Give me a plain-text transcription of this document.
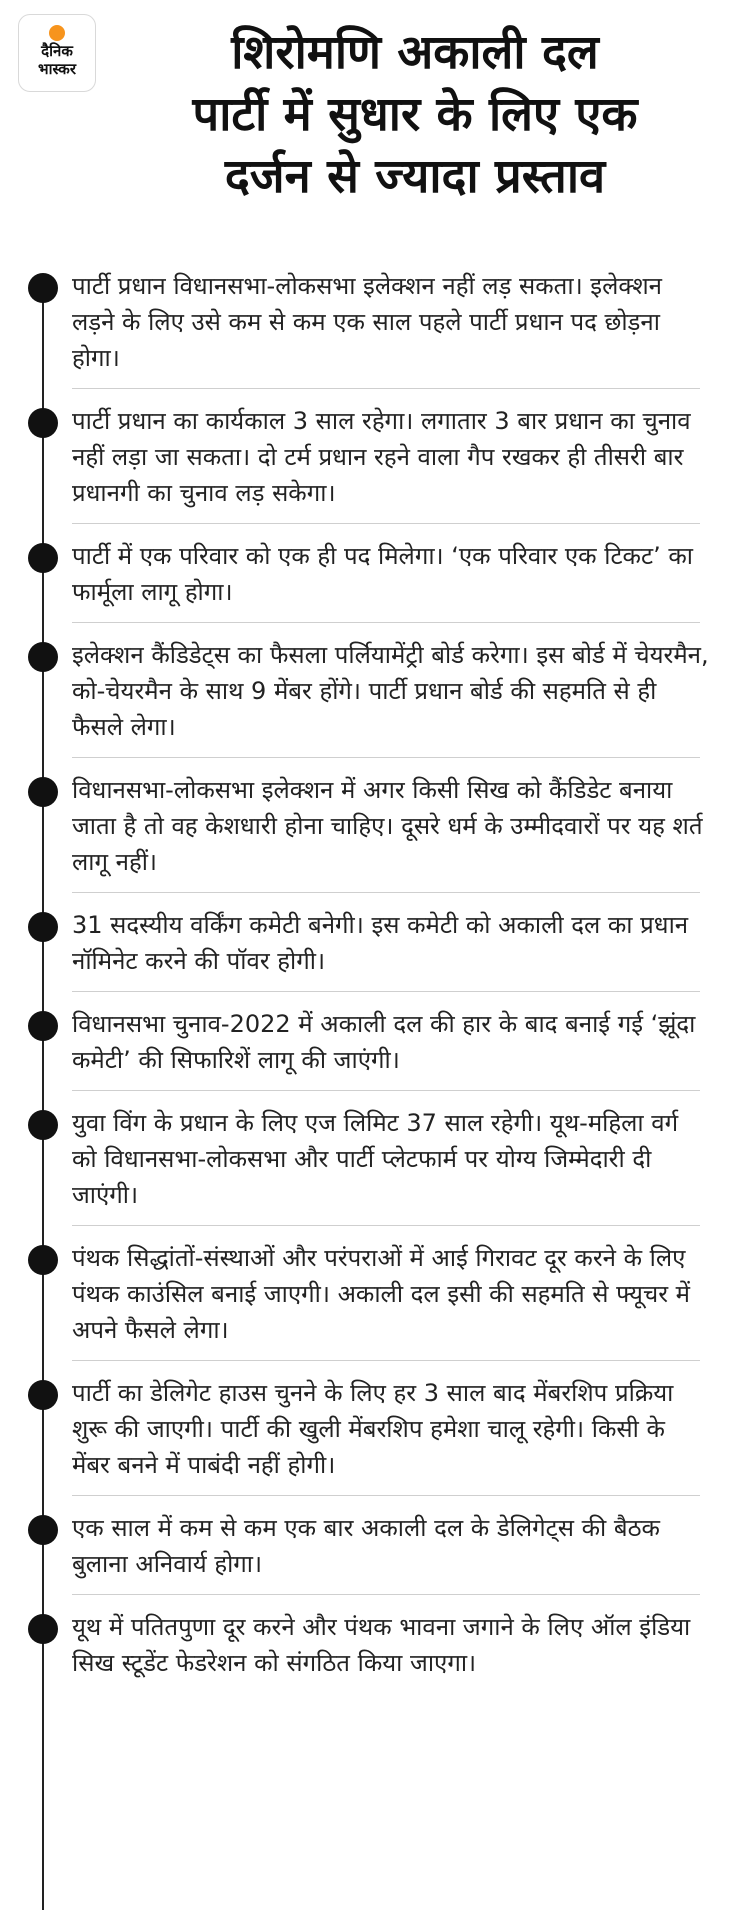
दैनिक
भास्कर	शिरोमणि अकाली दल
पार्टी में सुधार के लिए एक
दर्जन से ज्यादा प्रस्ताव
पार्टी प्रधान विधानसभा-लोकसभा इलेक्शन नहीं लड़ सकता। इलेक्शन लड़ने के लिए उसे कम से कम एक साल पहले पार्टी प्रधान पद छोड़ना होगा।
पार्टी प्रधान का कार्यकाल 3 साल रहेगा। लगातार 3 बार प्रधान का चुनाव नहीं लड़ा जा सकता। दो टर्म प्रधान रहने वाला गैप रखकर ही तीसरी बार प्रधानगी का चुनाव लड़ सकेगा।
पार्टी में एक परिवार को एक ही पद मिलेगा। ‘एक परिवार एक टिकट’ का फार्मूला लागू होगा।
इलेक्शन कैंडिडेट्स का फैसला पर्लियामेंट्री बोर्ड करेगा। इस बोर्ड में चेयरमैन, को-चेयरमैन के साथ 9 मेंबर होंगे। पार्टी प्रधान बोर्ड की सहमति से ही फैसले लेगा।
विधानसभा-लोकसभा इलेक्शन में अगर किसी सिख को कैंडिडेट बनाया जाता है तो वह केशधारी होना चाहिए। दूसरे धर्म के उम्मीदवारों पर यह शर्त लागू नहीं।
31 सदस्यीय वर्किंग कमेटी बनेगी। इस कमेटी को अकाली दल का प्रधान नॉमिनेट करने की पॉवर होगी।
विधानसभा चुनाव-2022 में अकाली दल की हार के बाद बनाई गई ‘झूंदा कमेटी’ की सिफारिशें लागू की जाएंगी।
युवा विंग के प्रधान के लिए एज लिमिट 37 साल रहेगी। यूथ-महिला वर्ग को विधानसभा-लोकसभा और पार्टी प्लेटफार्म पर योग्य जिम्मेदारी दी जाएंगी।
पंथक सिद्धांतों-संस्थाओं और परंपराओं में आई गिरावट दूर करने के लिए पंथक काउंसिल बनाई जाएगी। अकाली दल इसी की सहमति से फ्यूचर में अपने फैसले लेगा।
पार्टी का डेलिगेट हाउस चुनने के लिए हर 3 साल बाद मेंबरशिप प्रक्रिया शुरू की जाएगी। पार्टी की खुली मेंबरशिप हमेशा चालू रहेगी। किसी के मेंबर बनने में पाबंदी नहीं होगी।
एक साल में कम से कम एक बार अकाली दल के डेलिगेट्स की बैठक बुलाना अनिवार्य होगा।
यूथ में पतितपुणा दूर करने और पंथक भावना जगाने के लिए ऑल इंडिया सिख स्टूडेंट फेडरेशन को संगठित किया जाएगा।
